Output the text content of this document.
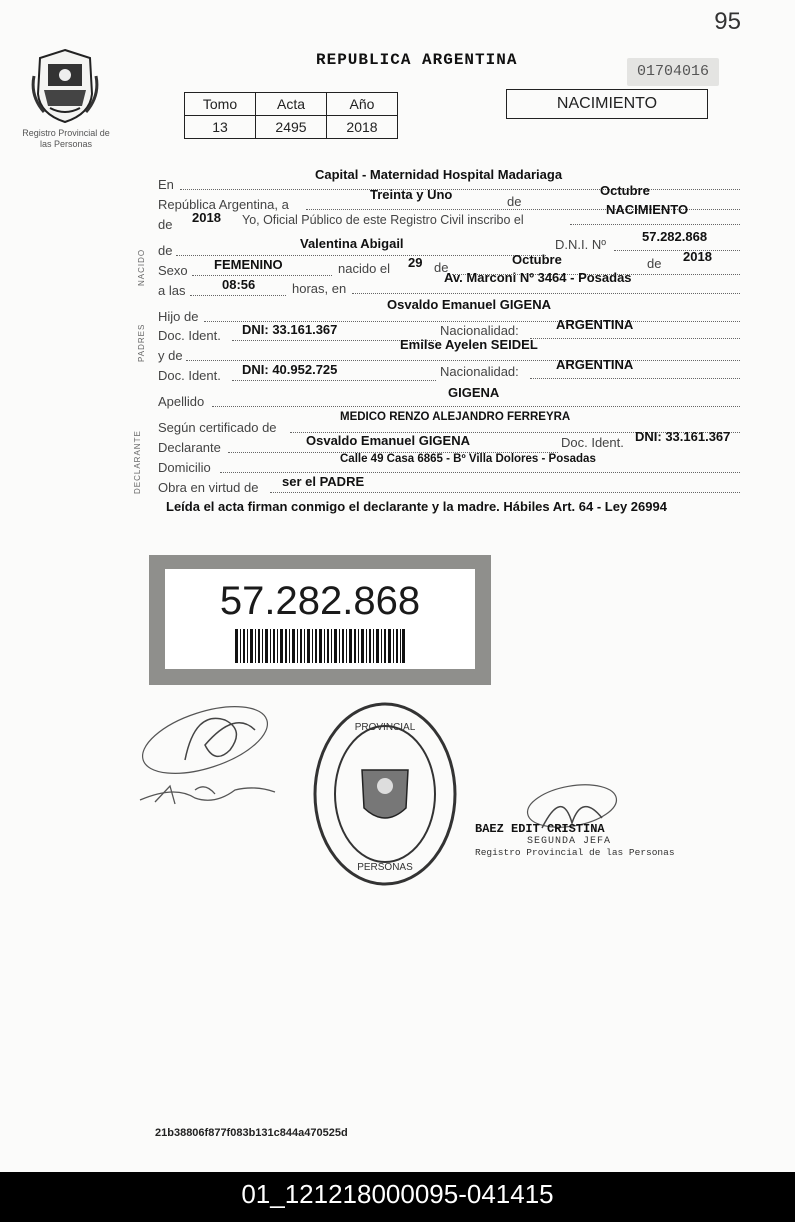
95
Registro Provincial de las Personas
REPUBLICA ARGENTINA
01704016
Tomo	Acta	Año
13	2495	2018
NACIMIENTO
En
Capital - Maternidad Hospital Madariaga
República Argentina, a
Treinta y Uno	de
Octubre
de 2018 Yo, Oficial Público de este Registro Civil inscribo el
NACIMIENTO
NACIDO de	Valentina Abigail	D.N.I. Nº
57.282.868
Sexo FEMENINO	nacido el 29 de
Octubre	de 2018
a las	08:56	horas, en
Av. Marconi Nº 3464 - Posadas
PADRES
Hijo de
Osvaldo Emanuel GIGENA
Doc. Ident. DNI: 33.161.367	Nacionalidad:	ARGENTINA
y de
Emilse Ayelen SEIDEL
Doc. Ident. DNI: 40.952.725	Nacionalidad:	ARGENTINA
Apellido
GIGENA
DECLARANTE
Según certificado de
MEDICO RENZO ALEJANDRO FERREYRA
Declarante	Osvaldo Emanuel GIGENA	Doc. Ident. DNI: 33.161.367
Domicilio
Calle 49 Casa 6865 - Bº Villa Dolores - Posadas
Obra en virtud de ser el PADRE
Leída el acta firman conmigo el declarante y la madre. Hábiles Art. 64 - Ley 26994
57.282.868
PROVINCIAL
PERSONAS
BAEZ EDIT CRISTINA
SEGUNDA JEFA
Registro Provincial de las Personas
21b38806f877f083b131c844a470525d
01_121218000095-041415
